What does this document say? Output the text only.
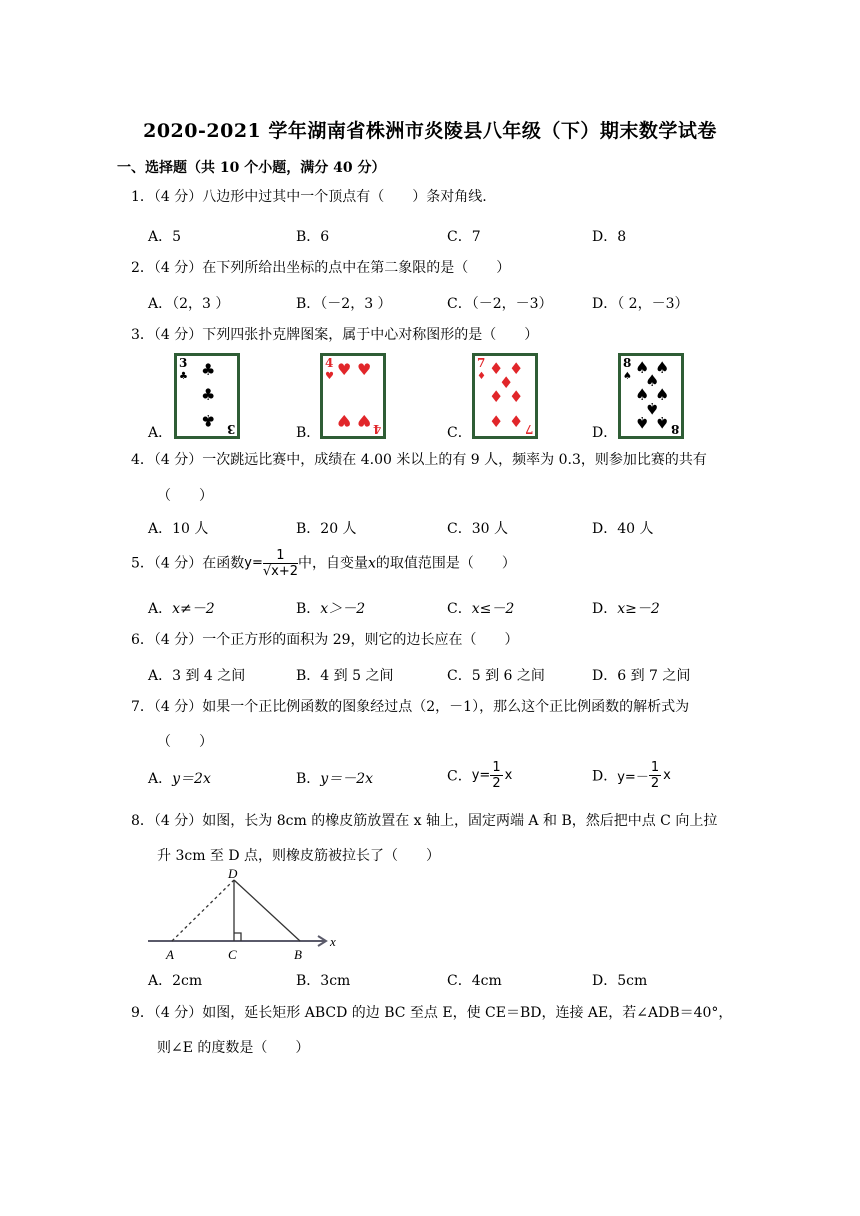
2020-2021 学年湖南省株洲市炎陵县八年级（下）期末数学试卷
一、选择题（共 10 个小题，满分 40 分）
1．（4 分）八边形中过其中一个顶点有（　　）条对角线.
A．5	B．6	C．7	D．8
2．（4 分）在下列所给出坐标的点中在第二象限的是（　　）
A．（2，3 ）	B．（－2，3 ）	C．（－2，－3）	D．（ 2，－3）
3．（4 分）下列四张扑克牌图案，属于中心对称图形的是（　　）
A．	B．	C．	D．
3
♣ ♣
♣
♣ 3
4
♥ ♥ ♥
♥ ♥ 4
7
♦ ♦ ♦
♦
♦ ♦
♦ ♦ 7
8
♠ ♠ ♠
♠
♠ ♠
♠
♠ ♠ 8
4．（4 分）一次跳远比赛中，成绩在 4.00 米以上的有 9 人，频率为 0.3，则参加比赛的共有
（　　）
A．10 人	B．20 人	C．30 人	D．40 人
5．（4 分）在函数$y= \frac{1}{√x+2}$ 中，自变量x的取值范围是（　　）
A．x≠－2	B．x＞－2	C．x≤－2	D．x≥－2
6．（4 分）一个正方形的面积为 29，则它的边长应在（　　）
A．3 到 4 之间	B．4 到 5 之间	C．5 到 6 之间	D．6 到 7 之间
7．（4 分）如果一个正比例函数的图象经过点（2，－1），那么这个正比例函数的解析式为
（　　）
A．y＝2x	B．y＝－2x	C．$y= \frac{1}{2}$ x	D．$y=- \frac{1}{2}$ x
8．（4 分）如图，长为 8cm 的橡皮筋放置在 x 轴上，固定两端 A 和 B，然后把中点 C 向上拉
升 3cm 至 D 点，则橡皮筋被拉长了（　　）
D
A	C	B
x
A．2cm	B．3cm	C．4cm	D．5cm
9．（4 分）如图，延长矩形 ABCD 的边 BC 至点 E，使 CE＝BD，连接 AE，若∠ADB＝40°，
则∠E 的度数是（　　）
